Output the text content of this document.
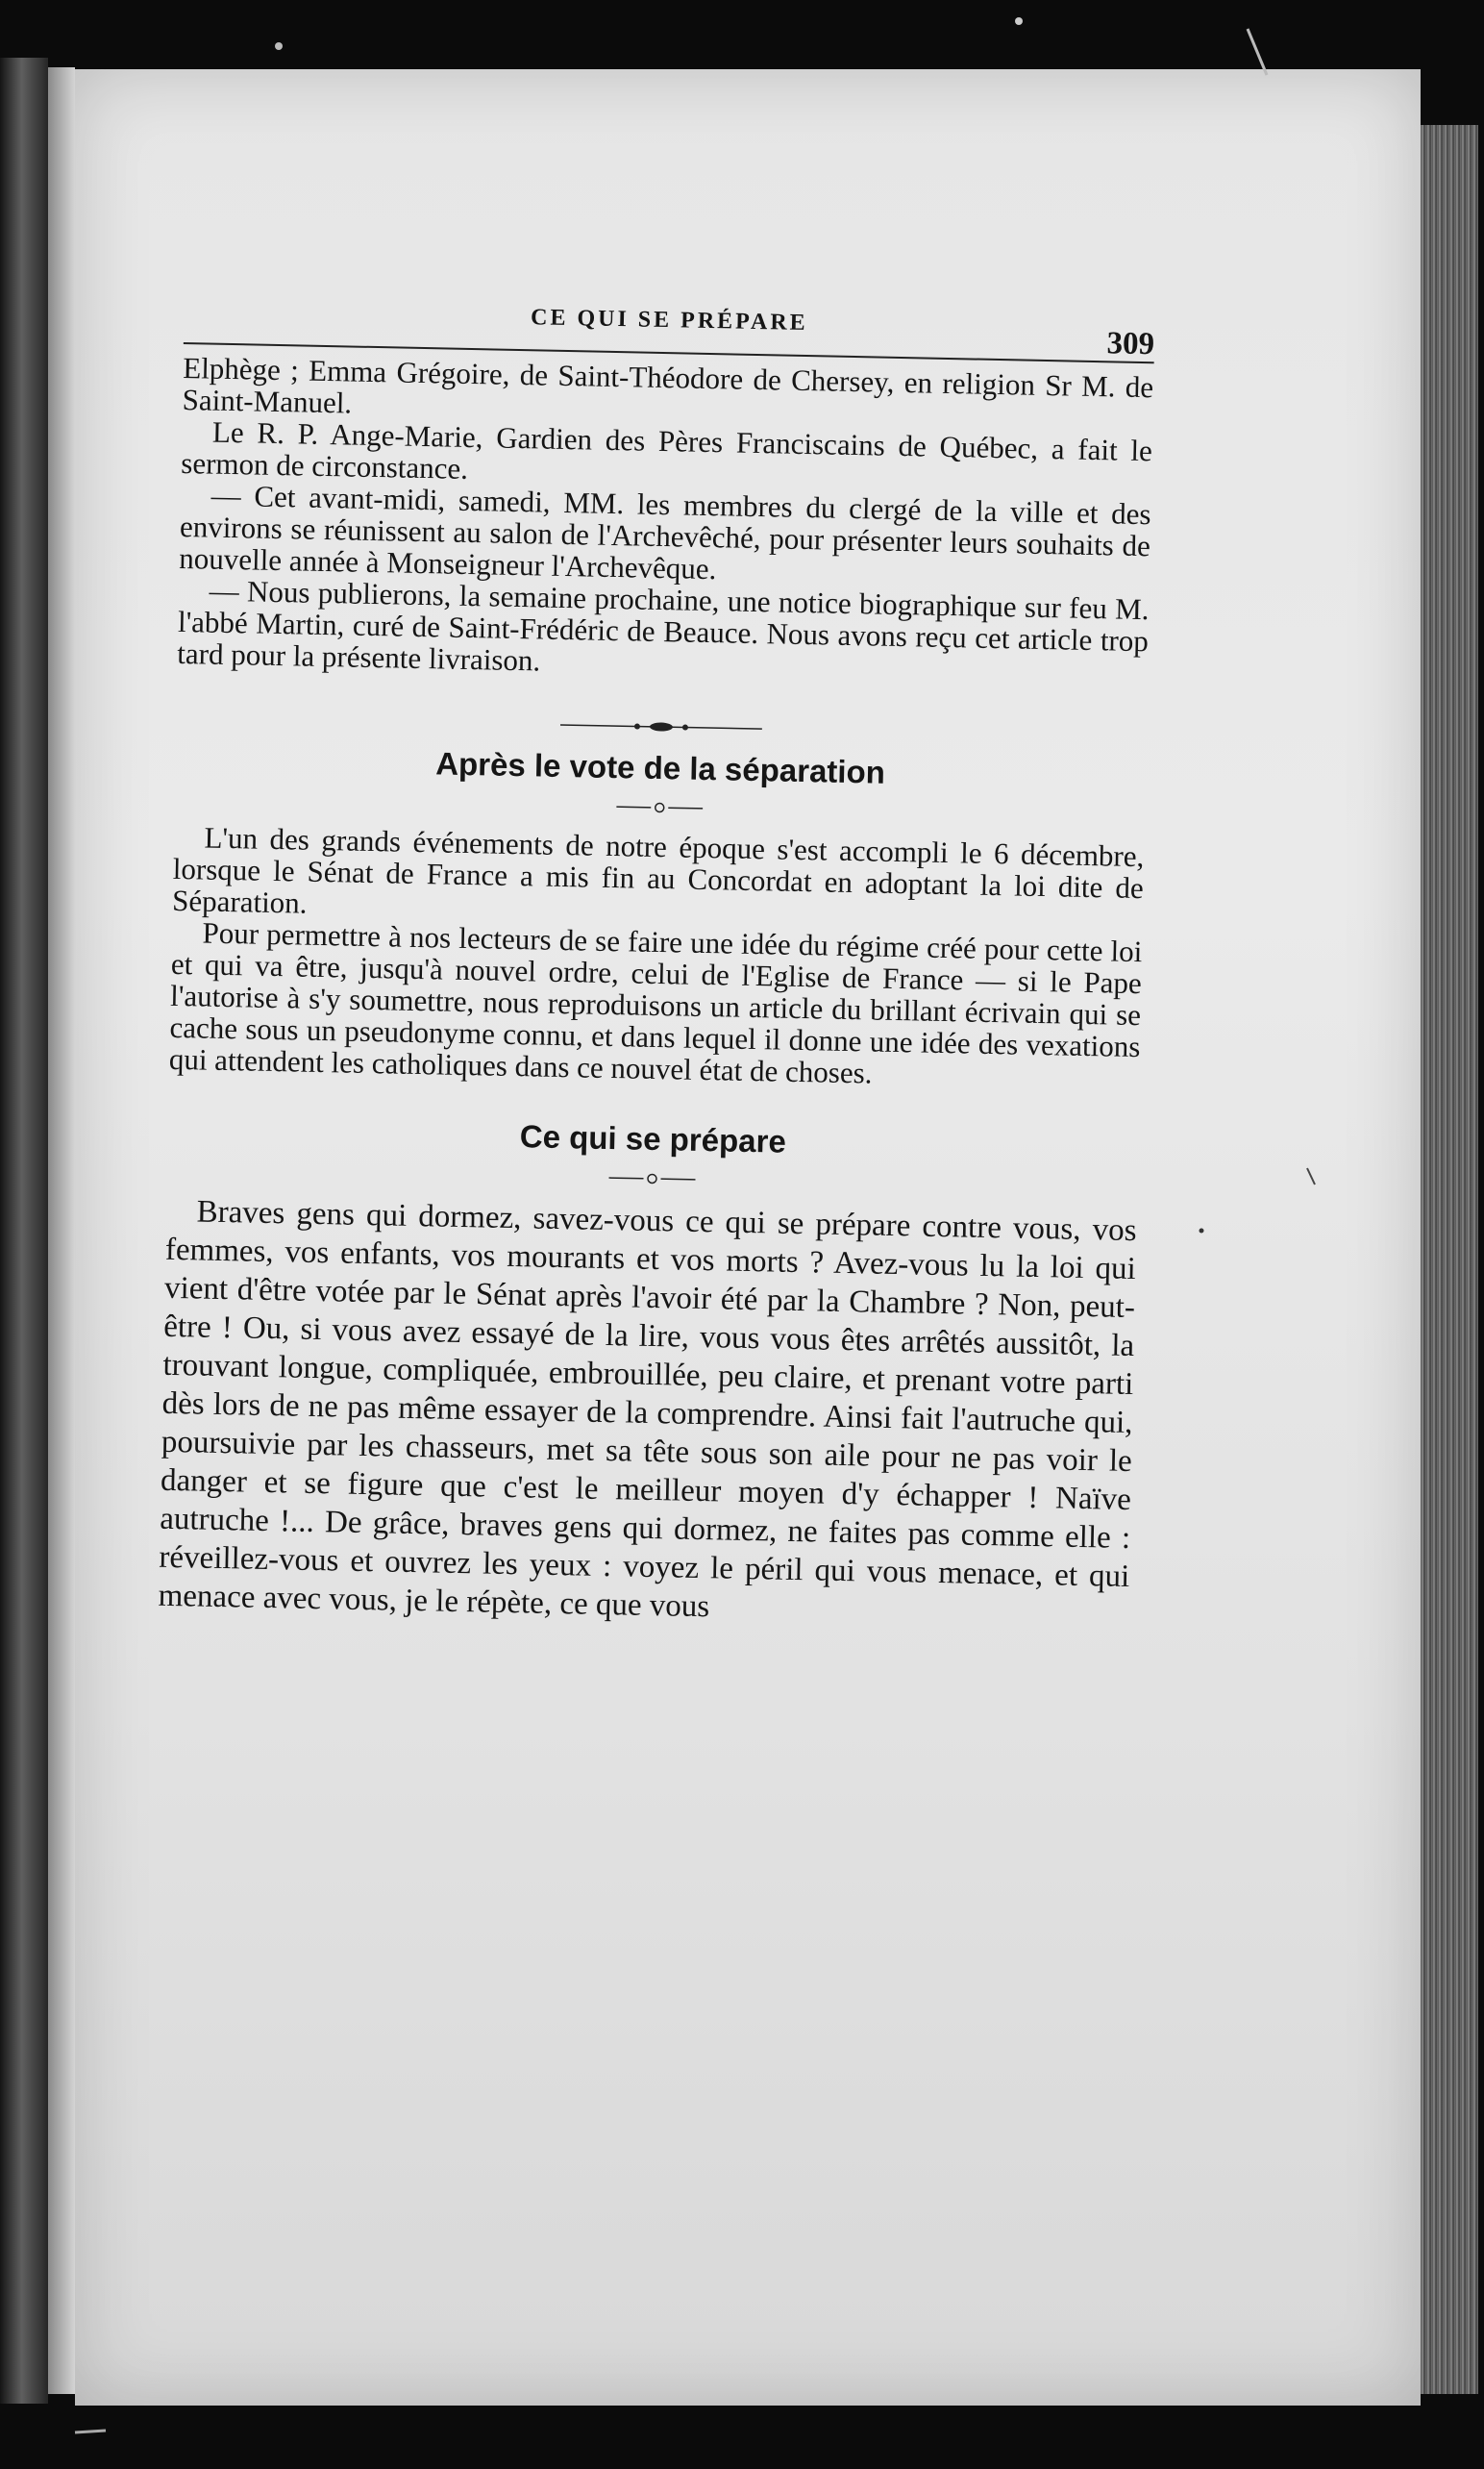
CE QUI SE PRÉPARE
309

Elphège ; Emma Grégoire, de Saint-Théodore de Chersey, en religion Sr M. de Saint-Manuel.

Le R. P. Ange-Marie, Gardien des Pères Franciscains de Québec, a fait le sermon de circonstance.

— Cet avant-midi, samedi, MM. les membres du clergé de la ville et des environs se réunissent au salon de l'Archevêché, pour présenter leurs souhaits de nouvelle année à Monseigneur l'Archevêque.

— Nous publierons, la semaine prochaine, une notice biographique sur feu M. l'abbé Martin, curé de Saint-Frédéric de Beauce. Nous avons reçu cet article trop tard pour la présente livraison.

Après le vote de la séparation

L'un des grands événements de notre époque s'est accompli le 6 décembre, lorsque le Sénat de France a mis fin au Concordat en adoptant la loi dite de Séparation.

Pour permettre à nos lecteurs de se faire une idée du régime créé pour cette loi et qui va être, jusqu'à nouvel ordre, celui de l'Eglise de France — si le Pape l'autorise à s'y soumettre, nous reproduisons un article du brillant écrivain qui se cache sous un pseudonyme connu, et dans lequel il donne une idée des vexations qui attendent les catholiques dans ce nouvel état de choses.

Ce qui se prépare

Braves gens qui dormez, savez-vous ce qui se prépare contre vous, vos femmes, vos enfants, vos mourants et vos morts ? Avez-vous lu la loi qui vient d'être votée par le Sénat après l'avoir été par la Chambre ? Non, peut-être ! Ou, si vous avez essayé de la lire, vous vous êtes arrêtés aussitôt, la trouvant longue, compliquée, embrouillée, peu claire, et prenant votre parti dès lors de ne pas même essayer de la comprendre. Ainsi fait l'autruche qui, poursuivie par les chasseurs, met sa tête sous son aile pour ne pas voir le danger et se figure que c'est le meilleur moyen d'y échapper ! Naïve autruche !... De grâce, braves gens qui dormez, ne faites pas comme elle : réveillez-vous et ouvrez les yeux : voyez le péril qui vous menace, et qui menace avec vous, je le répète, ce que vous
